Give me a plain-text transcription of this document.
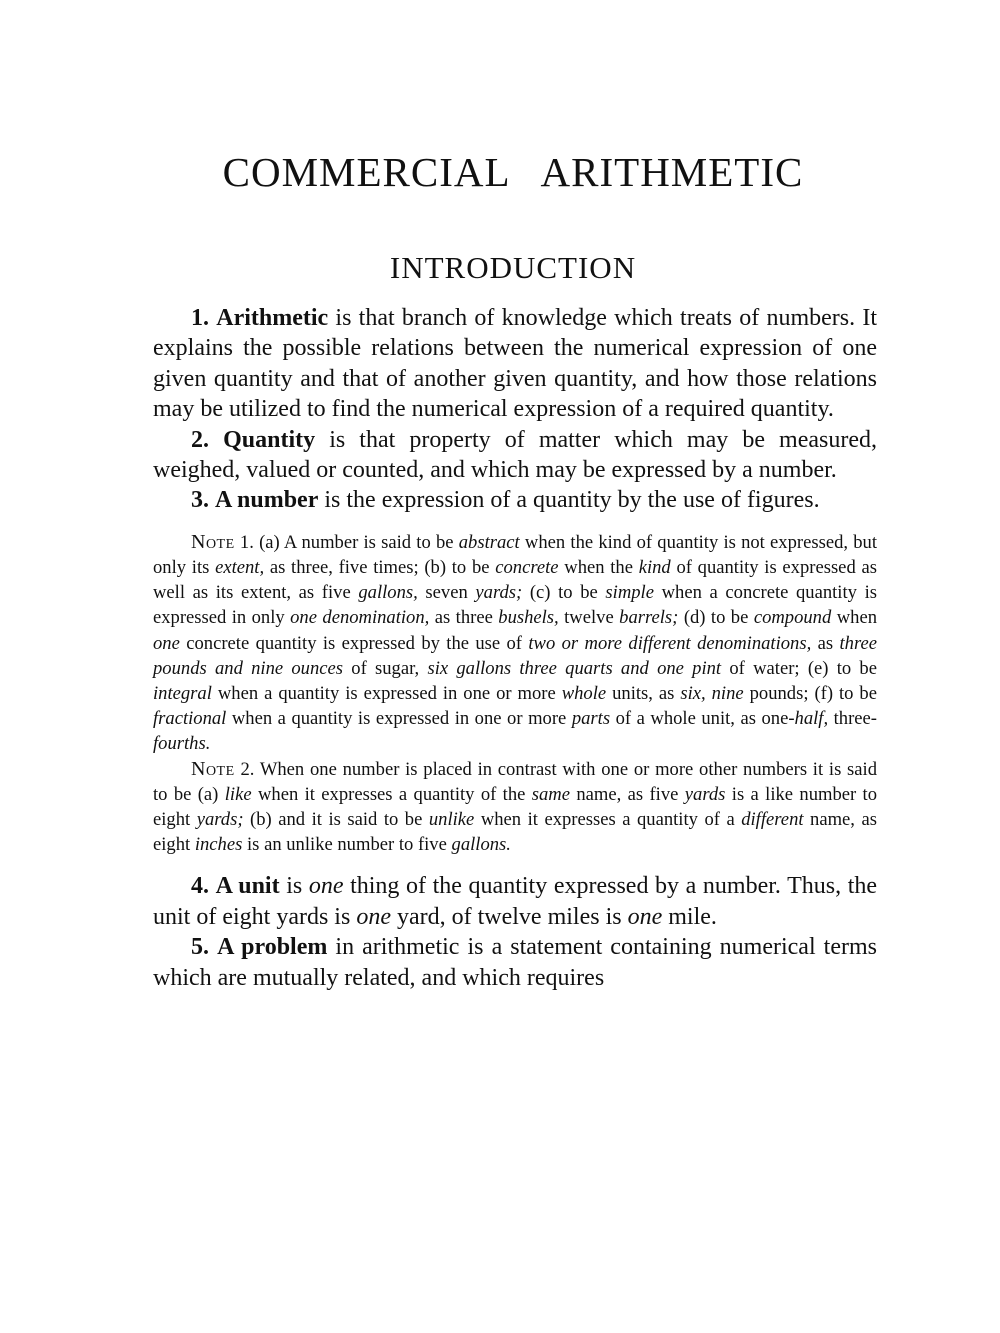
COMMERCIAL ARITHMETIC
INTRODUCTION

1. Arithmetic is that branch of knowledge which treats of numbers. It explains the possible relations between the numerical expression of one given quantity and that of another given quantity, and how those relations may be utilized to find the numerical expression of a required quantity.

2. Quantity is that property of matter which may be measured, weighed, valued or counted, and which may be expressed by a number.

3. A number is the expression of a quantity by the use of figures.

Note 1. (a) A number is said to be abstract when the kind of quantity is not expressed, but only its extent, as three, five times; (b) to be concrete when the kind of quantity is expressed as well as its extent, as five gallons, seven yards; (c) to be simple when a concrete quantity is expressed in only one denomination, as three bushels, twelve barrels; (d) to be compound when one concrete quantity is expressed by the use of two or more different denominations, as three pounds and nine ounces of sugar, six gallons three quarts and one pint of water; (e) to be integral when a quantity is expressed in one or more whole units, as six, nine pounds; (f) to be fractional when a quantity is expressed in one or more parts of a whole unit, as one-half, three-fourths.

Note 2. When one number is placed in contrast with one or more other numbers it is said to be (a) like when it expresses a quantity of the same name, as five yards is a like number to eight yards; (b) and it is said to be unlike when it expresses a quantity of a different name, as eight inches is an unlike number to five gallons.

4. A unit is one thing of the quantity expressed by a number. Thus, the unit of eight yards is one yard, of twelve miles is one mile.

5. A problem in arithmetic is a statement containing numerical terms which are mutually related, and which requires
